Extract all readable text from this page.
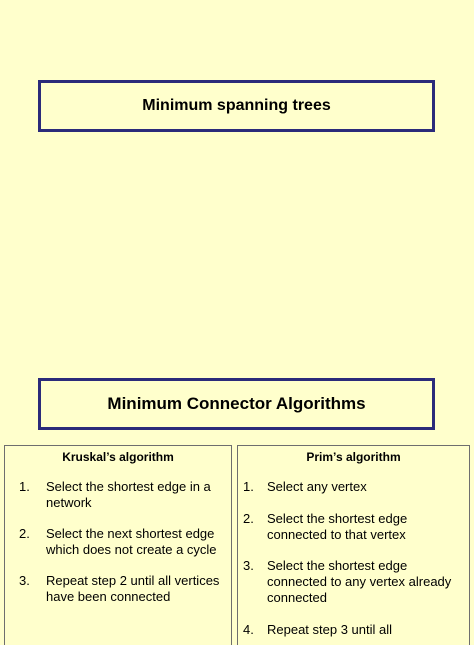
Minimum spanning trees
Minimum Connector Algorithms
Kruskal’s algorithm
1. Select the shortest edge in a network
2. Select the next shortest edge which does not create a cycle
3. Repeat step 2 until all vertices have been connected
Prim’s algorithm
1. Select any vertex
2. Select the shortest edge connected to that vertex
3. Select the shortest edge connected to any vertex already connected
4. Repeat step 3 until all
